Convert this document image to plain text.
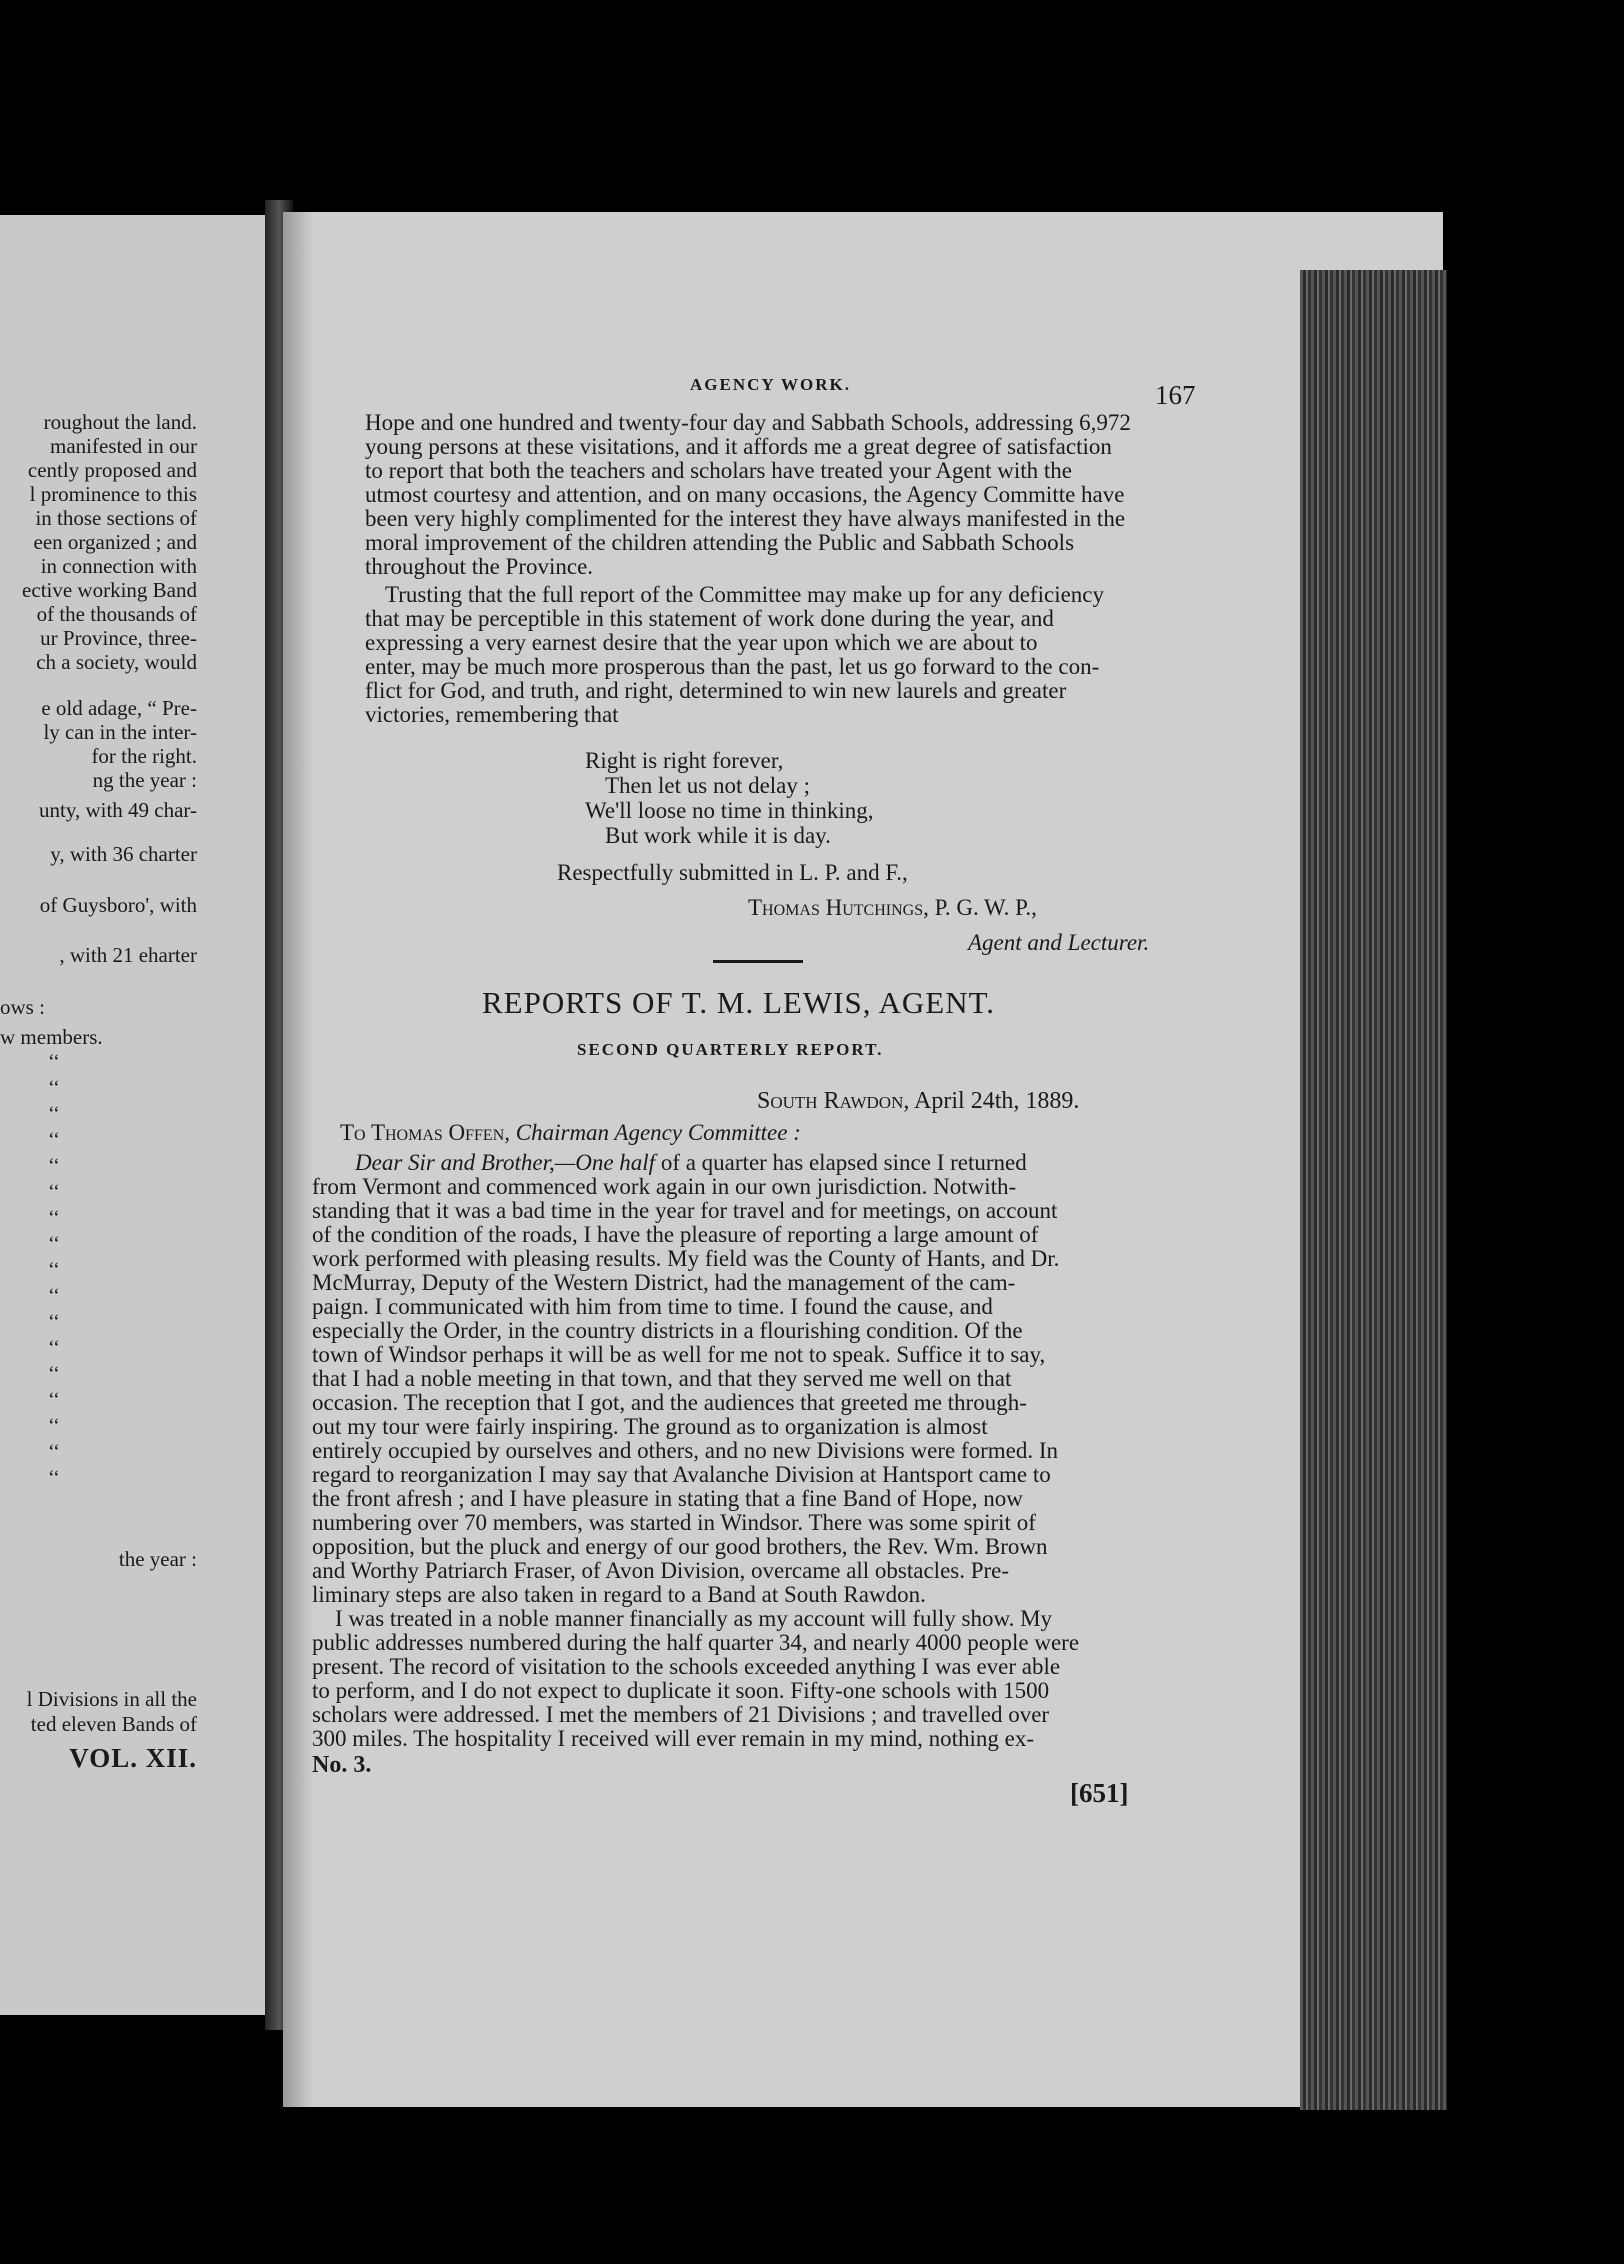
roughout the land.
manifested in our
cently proposed and
l prominence to this
in those sections of
een organized ; and
in connection with
ective working Band
of the thousands of
ur Province, three-
ch a society, would
e old adage, “ Pre-
ly can in the inter-
for the right.
ng the year :
unty, with 49 char-
y, with 36 charter
of Guysboro', with
, with 21 eharter
ows :
w members.
‘‘
‘‘
‘‘
‘‘
‘‘
‘‘
‘‘
‘‘
‘‘
‘‘
‘‘
‘‘
‘‘
‘‘
‘‘
‘‘
‘‘
the year :
l Divisions in all the
ted eleven Bands of
VOL. XII.
AGENCY WORK.	167
Hope and one hundred and twenty-four day and Sabbath Schools, addressing 6,972
young persons at these visitations, and it affords me a great degree of satisfaction
to report that both the teachers and scholars have treated your Agent with the
utmost courtesy and attention, and on many occasions, the Agency Committe have
been very highly complimented for the interest they have always manifested in the
moral improvement of the children attending the Public and Sabbath Schools
throughout the Province.
Trusting that the full report of the Committee may make up for any deficiency
that may be perceptible in this statement of work done during the year, and
expressing a very earnest desire that the year upon which we are about to
enter, may be much more prosperous than the past, let us go forward to the con-
flict for God, and truth, and right, determined to win new laurels and greater
victories, remembering that
Right is right forever,
Then let us not delay ;
We'll loose no time in thinking,
But work while it is day.
Respectfully submitted in L. P. and F.,
Thomas Hutchings, P. G. W. P.,
Agent and Lecturer.
REPORTS OF T. M. LEWIS, AGENT.
SECOND QUARTERLY REPORT.
South Rawdon, April 24th, 1889.
To Thomas Offen, Chairman Agency Committee :
Dear Sir and Brother,—One half of a quarter has elapsed since I returned
from Vermont and commenced work again in our own jurisdiction. Notwith-
standing that it was a bad time in the year for travel and for meetings, on account
of the condition of the roads, I have the pleasure of reporting a large amount of
work performed with pleasing results. My field was the County of Hants, and Dr.
McMurray, Deputy of the Western District, had the management of the cam-
paign. I communicated with him from time to time. I found the cause, and
especially the Order, in the country districts in a flourishing condition. Of the
town of Windsor perhaps it will be as well for me not to speak. Suffice it to say,
that I had a noble meeting in that town, and that they served me well on that
occasion. The reception that I got, and the audiences that greeted me through-
out my tour were fairly inspiring. The ground as to organization is almost
entirely occupied by ourselves and others, and no new Divisions were formed. In
regard to reorganization I may say that Avalanche Division at Hantsport came to
the front afresh ; and I have pleasure in stating that a fine Band of Hope, now
numbering over 70 members, was started in Windsor. There was some spirit of
opposition, but the pluck and energy of our good brothers, the Rev. Wm. Brown
and Worthy Patriarch Fraser, of Avon Division, overcame all obstacles. Pre-
liminary steps are also taken in regard to a Band at South Rawdon.
I was treated in a noble manner financially as my account will fully show. My
public addresses numbered during the half quarter 34, and nearly 4000 people were
present. The record of visitation to the schools exceeded anything I was ever able
to perform, and I do not expect to duplicate it soon. Fifty-one schools with 1500
scholars were addressed. I met the members of 21 Divisions ; and travelled over
300 miles. The hospitality I received will ever remain in my mind, nothing ex-
No. 3.
[651]
